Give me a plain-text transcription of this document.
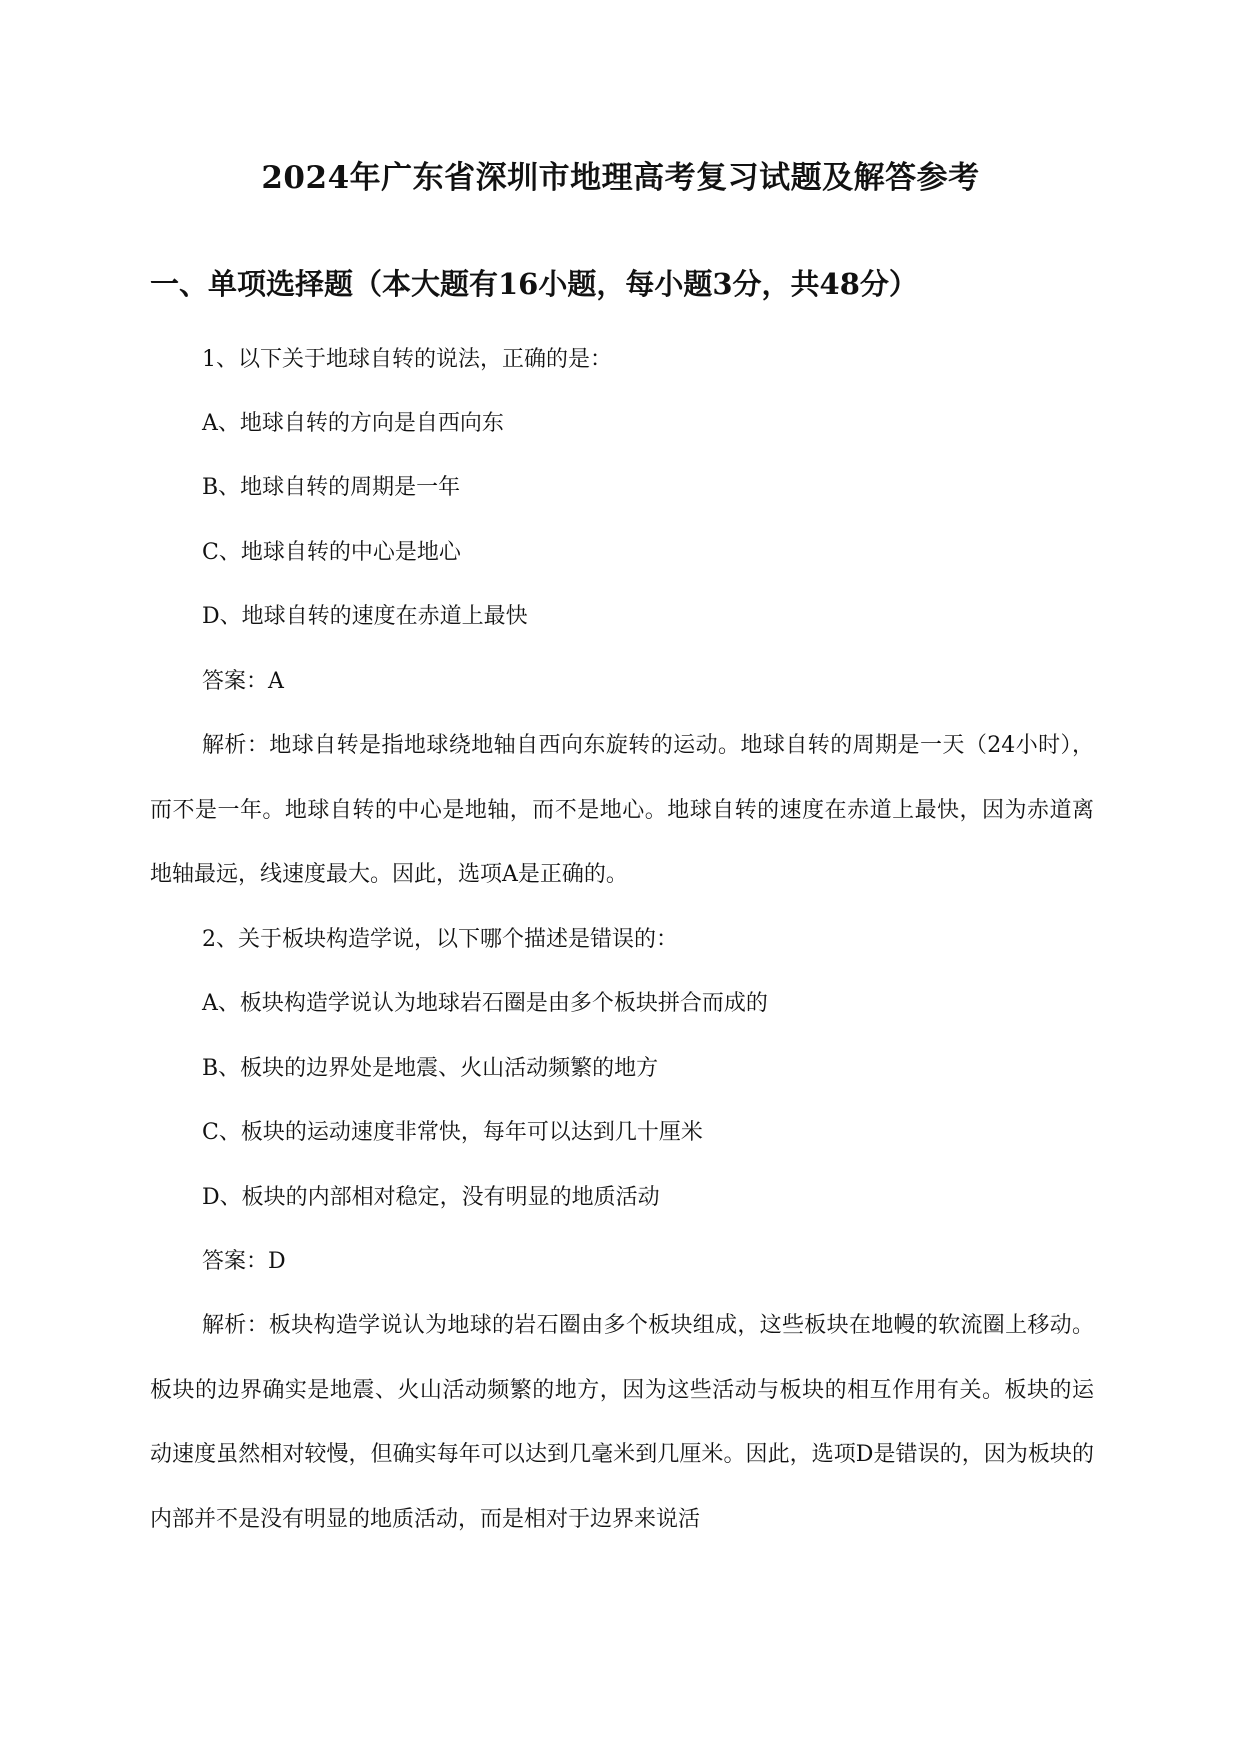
2024年广东省深圳市地理高考复习试题及解答参考
一、单项选择题（本大题有16小题，每小题3分，共48分）
1、以下关于地球自转的说法，正确的是：
A、地球自转的方向是自西向东
B、地球自转的周期是一年
C、地球自转的中心是地心
D、地球自转的速度在赤道上最快
答案：A
解析：地球自转是指地球绕地轴自西向东旋转的运动。地球自转的周期是一天（24小时），而不是一年。地球自转的中心是地轴，而不是地心。地球自转的速度在赤道上最快，因为赤道离地轴最远，线速度最大。因此，选项A是正确的。
2、关于板块构造学说，以下哪个描述是错误的：
A、板块构造学说认为地球岩石圈是由多个板块拼合而成的
B、板块的边界处是地震、火山活动频繁的地方
C、板块的运动速度非常快，每年可以达到几十厘米
D、板块的内部相对稳定，没有明显的地质活动
答案：D
解析：板块构造学说认为地球的岩石圈由多个板块组成，这些板块在地幔的软流圈上移动。板块的边界确实是地震、火山活动频繁的地方，因为这些活动与板块的相互作用有关。板块的运动速度虽然相对较慢，但确实每年可以达到几毫米到几厘米。因此，选项D是错误的，因为板块的内部并不是没有明显的地质活动，而是相对于边界来说活
